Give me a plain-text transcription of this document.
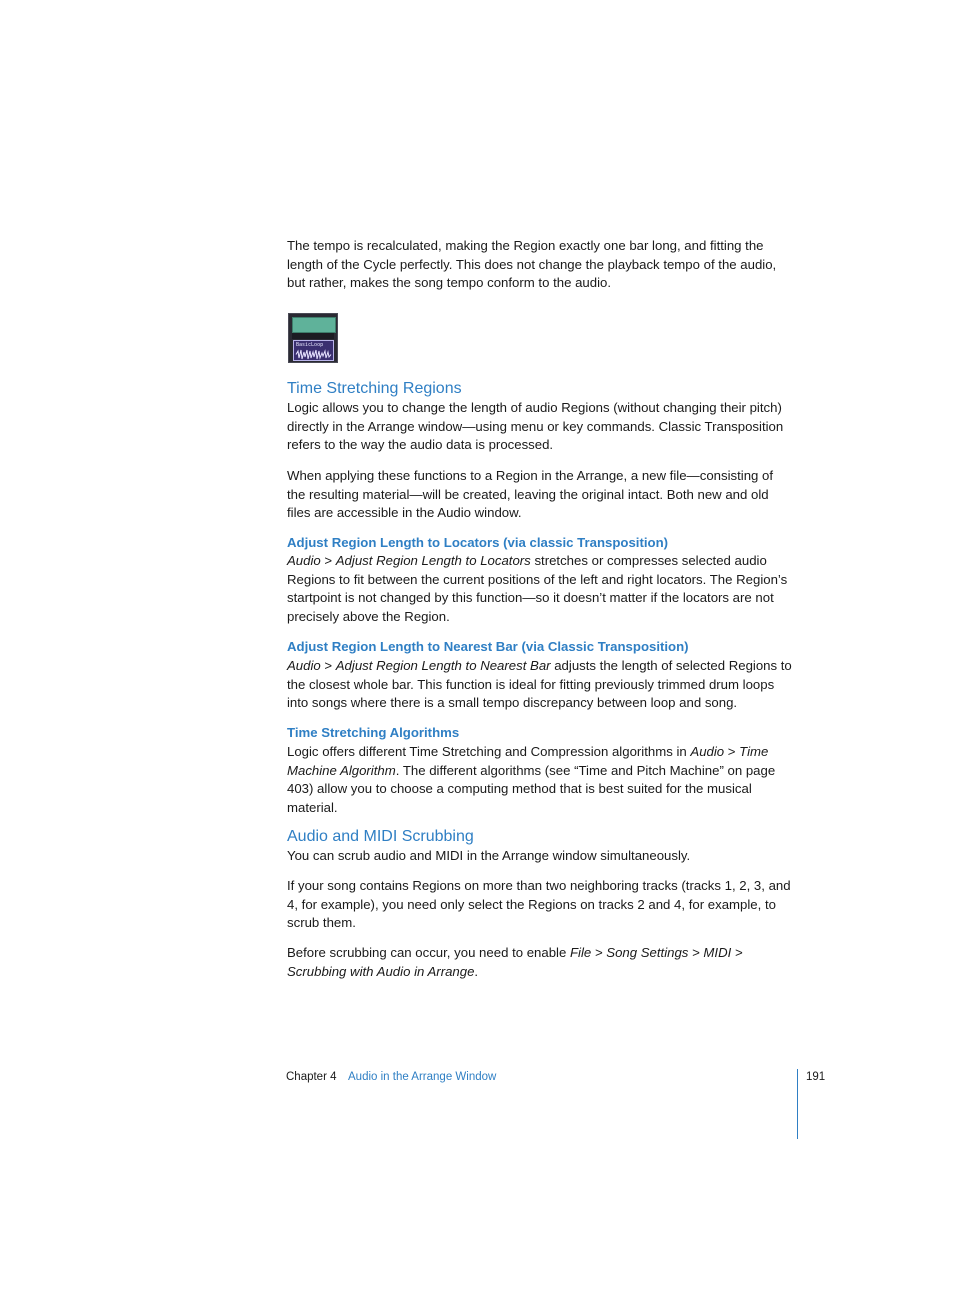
The tempo is recalculated, making the Region exactly one bar long, and fitting the length of the Cycle perfectly. This does not change the playback tempo of the audio, but rather, makes the song tempo conform to the audio.

BasicLoop
Time Stretching Regions

Logic allows you to change the length of audio Regions (without changing their pitch) directly in the Arrange window—using menu or key commands. Classic Transposition refers to the way the audio data is processed.

When applying these functions to a Region in the Arrange, a new file—consisting of the resulting material—will be created, leaving the original intact. Both new and old files are accessible in the Audio window.

Adjust Region Length to Locators (via classic Transposition)

Audio > Adjust Region Length to Locators stretches or compresses selected audio Regions to fit between the current positions of the left and right locators. The Region’s startpoint is not changed by this function—so it doesn’t matter if the locators are not precisely above the Region.

Adjust Region Length to Nearest Bar (via Classic Transposition)

Audio > Adjust Region Length to Nearest Bar adjusts the length of selected Regions to the closest whole bar. This function is ideal for fitting previously trimmed drum loops into songs where there is a small tempo discrepancy between loop and song.

Time Stretching Algorithms

Logic offers different Time Stretching and Compression algorithms in Audio > Time Machine Algorithm. The different algorithms (see “Time and Pitch Machine” on page 403) allow you to choose a computing method that is best suited for the musical material.

Audio and MIDI Scrubbing

You can scrub audio and MIDI in the Arrange window simultaneously.

If your song contains Regions on more than two neighboring tracks (tracks 1, 2, 3, and 4, for example), you need only select the Regions on tracks 2 and 4, for example, to scrub them.

Before scrubbing can occur, you need to enable File > Song Settings > MIDI > Scrubbing with Audio in Arrange.

Chapter 4 Audio in the Arrange Window	191
